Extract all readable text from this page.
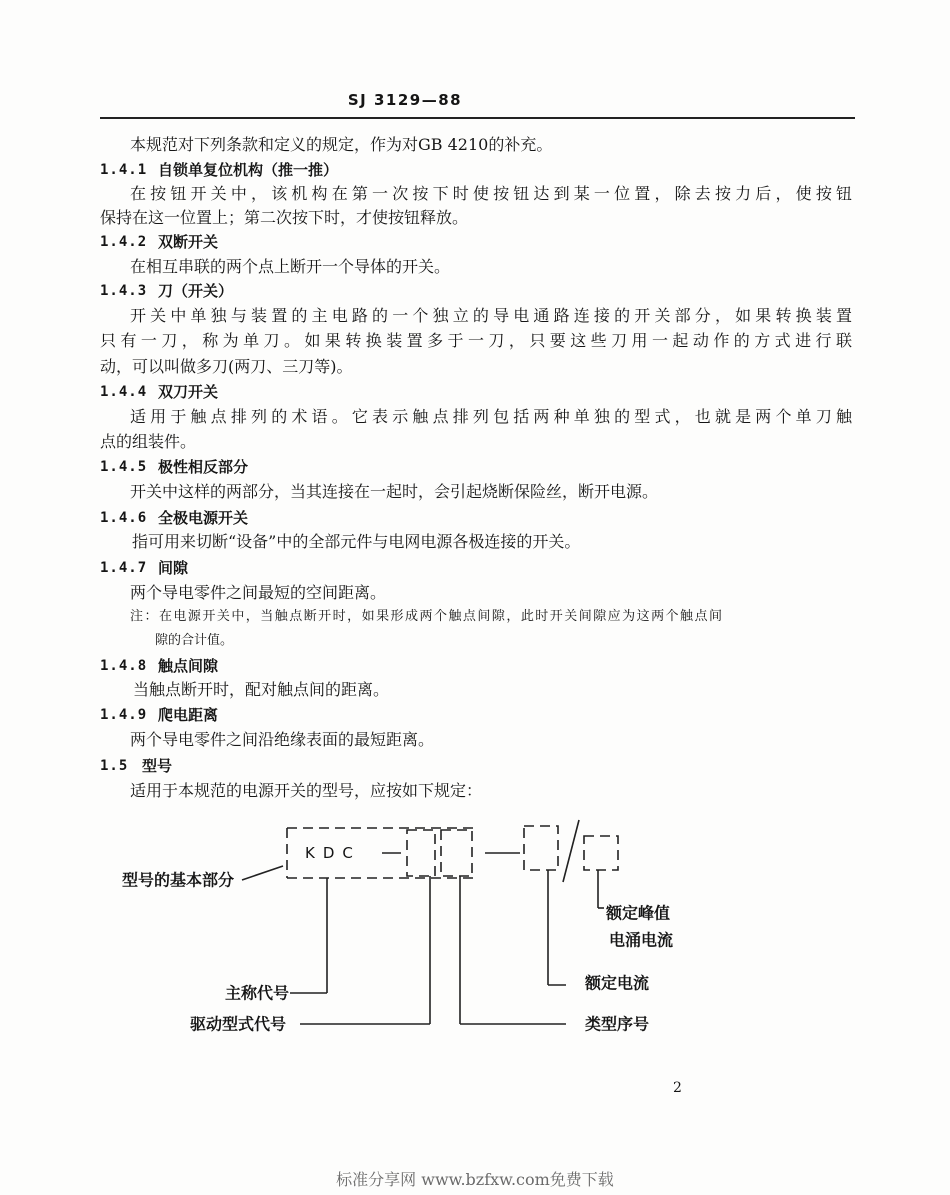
SJ 3129—88
本规范对下列条款和定义的规定，作为对GB 4210的补充。
1.4.1 自锁单复位机构（推一推）
在按钮开关中，该机构在第一次按下时使按钮达到某一位置，除去按力后，使按钮
保持在这一位置上；第二次按下时，才使按钮释放。
1.4.2 双断开关
在相互串联的两个点上断开一个导体的开关。
1.4.3 刀（开关）
开关中单独与装置的主电路的一个独立的导电通路连接的开关部分，如果转换装置
只有一刀，称为单刀。如果转换装置多于一刀，只要这些刀用一起动作的方式进行联
动，可以叫做多刀(两刀、三刀等)。
1.4.4 双刀开关
适用于触点排列的术语。它表示触点排列包括两种单独的型式，也就是两个单刀触
点的组装件。
1.4.5 极性相反部分
开关中这样的两部分，当其连接在一起时，会引起烧断保险丝，断开电源。
1.4.6 全极电源开关
指可用来切断“设备”中的全部元件与电网电源各极连接的开关。
1.4.7 间隙
两个导电零件之间最短的空间距离。
注：在电源开关中，当触点断开时，如果形成两个触点间隙，此时开关间隙应为这两个触点间
隙的合计值。
1.4.8 触点间隙
当触点断开时，配对触点间的距离。
1.4.9 爬电距离
两个导电零件之间沿绝缘表面的最短距离。
1.5 型号
适用于本规范的电源开关的型号，应按如下规定：
KDC
型号的基本部分
主称代号
驱动型式代号	类型序号
额定电流
额定峰值
电涌电流
2
标准分享网 www.bzfxw.com免费下载
